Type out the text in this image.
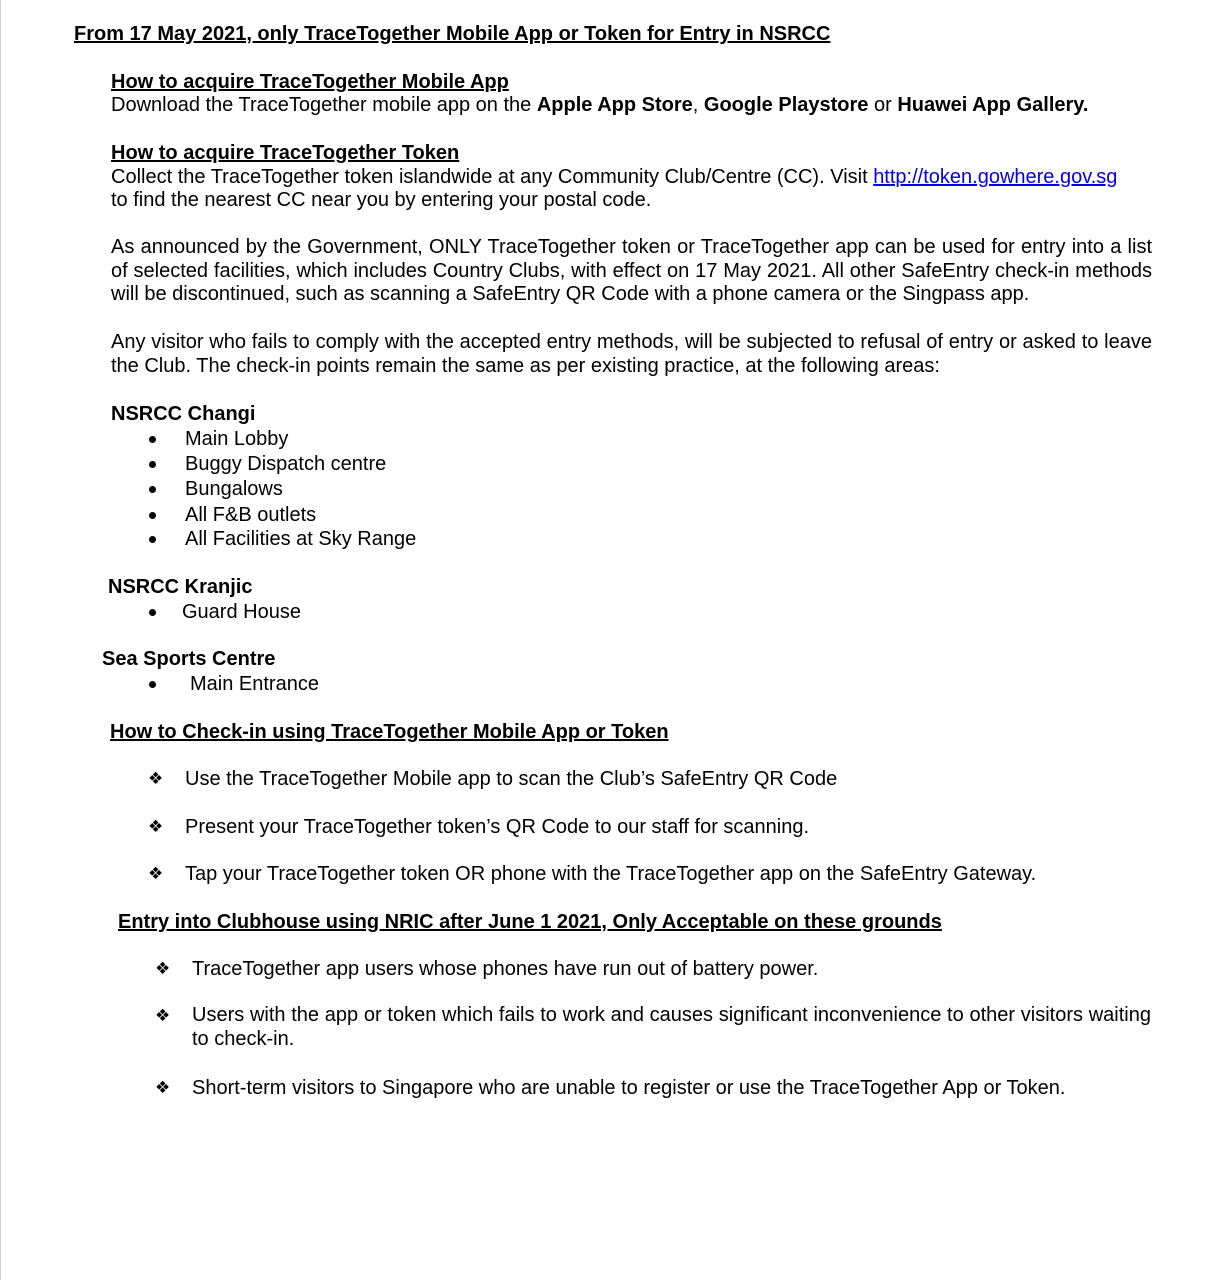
From 17 May 2021, only TraceTogether Mobile App or Token for Entry in NSRCC
How to acquire TraceTogether Mobile App
Download the TraceTogether mobile app on the Apple App Store, Google Playstore or Huawei App Gallery.
How to acquire TraceTogether Token
Collect the TraceTogether token islandwide at any Community Club/Centre (CC). Visit http://token.gowhere.gov.sg
to find the nearest CC near you by entering your postal code.
As announced by the Government, ONLY TraceTogether token or TraceTogether app can be used for entry into a list of selected facilities, which includes Country Clubs, with effect on 17 May 2021. All other SafeEntry check-in methods will be discontinued, such as scanning a SafeEntry QR Code with a phone camera or the Singpass app.
Any visitor who fails to comply with the accepted entry methods, will be subjected to refusal of entry or asked to leave the Club. The check-in points remain the same as per existing practice, at the following areas:
NSRCC Changi
Main Lobby
Buggy Dispatch centre
Bungalows
All F&B outlets
All Facilities at Sky Range
NSRCC Kranjic
Guard House
Sea Sports Centre
Main Entrance
How to Check-in using TraceTogether Mobile App or Token
❖ Use the TraceTogether Mobile app to scan the Club’s SafeEntry QR Code
❖ Present your TraceTogether token’s QR Code to our staff for scanning.
❖ Tap your TraceTogether token OR phone with the TraceTogether app on the SafeEntry Gateway.
Entry into Clubhouse using NRIC after June 1 2021, Only Acceptable on these grounds
❖ TraceTogether app users whose phones have run out of battery power.
❖ Users with the app or token which fails to work and causes significant inconvenience to other visitors waiting to check-in.
❖ Short-term visitors to Singapore who are unable to register or use the TraceTogether App or Token.
